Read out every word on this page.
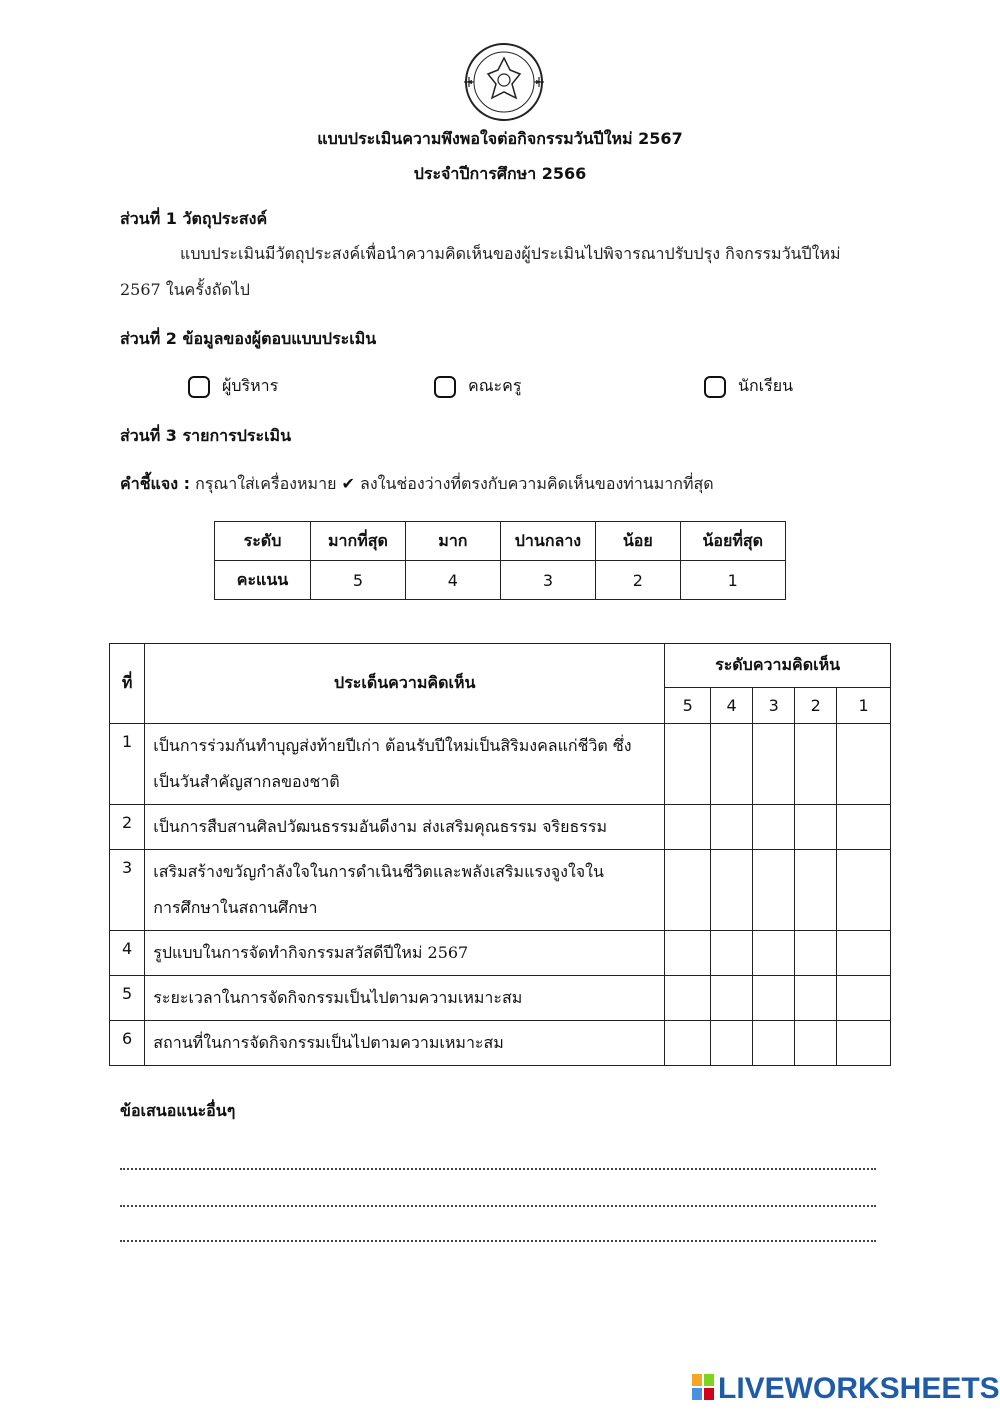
แบบประเมินความพึงพอใจต่อกิจกรรมวันปีใหม่ 2567
ประจำปีการศึกษา 2566
ส่วนที่ 1 วัตถุประสงค์
แบบประเมินมีวัตถุประสงค์เพื่อนำความคิดเห็นของผู้ประเมินไปพิจารณาปรับปรุง กิจกรรมวันปีใหม่
2567 ในครั้งถัดไป
ส่วนที่ 2 ข้อมูลของผู้ตอบแบบประเมิน
ผู้บริหาร	คณะครู	นักเรียน
ส่วนที่ 3 รายการประเมิน
คำชี้แจง : กรุณาใส่เครื่องหมาย ✔ ลงในช่องว่างที่ตรงกับความคิดเห็นของท่านมากที่สุด
ระดับ	มากที่สุด	มาก	ปานกลาง	น้อย	น้อยที่สุด
คะแนน	5	4	3	2	1
ที่	ประเด็นความคิดเห็น	ระดับความคิดเห็น				
		5	4	3	2	1
1	เป็นการร่วมกันทำบุญส่งท้ายปีเก่า ต้อนรับปีใหม่เป็นสิริมงคลแก่ชีวิต ซึ่ง
เป็นวันสำคัญสากลของชาติ					

2	เป็นการสืบสานศิลปวัฒนธรรมอันดีงาม ส่งเสริมคุณธรรม จริยธรรม					

3	เสริมสร้างขวัญกำลังใจในการดำเนินชีวิตและพลังเสริมแรงจูงใจใน
การศึกษาในสถานศึกษา					

4	รูปแบบในการจัดทำกิจกรรมสวัสดีปีใหม่ 2567					

5	ระยะเวลาในการจัดกิจกรรมเป็นไปตามความเหมาะสม					

6	สถานที่ในการจัดกิจกรรมเป็นไปตามความเหมาะสม					

ข้อเสนอแนะอื่นๆ
LIVEWORKSHEETS
